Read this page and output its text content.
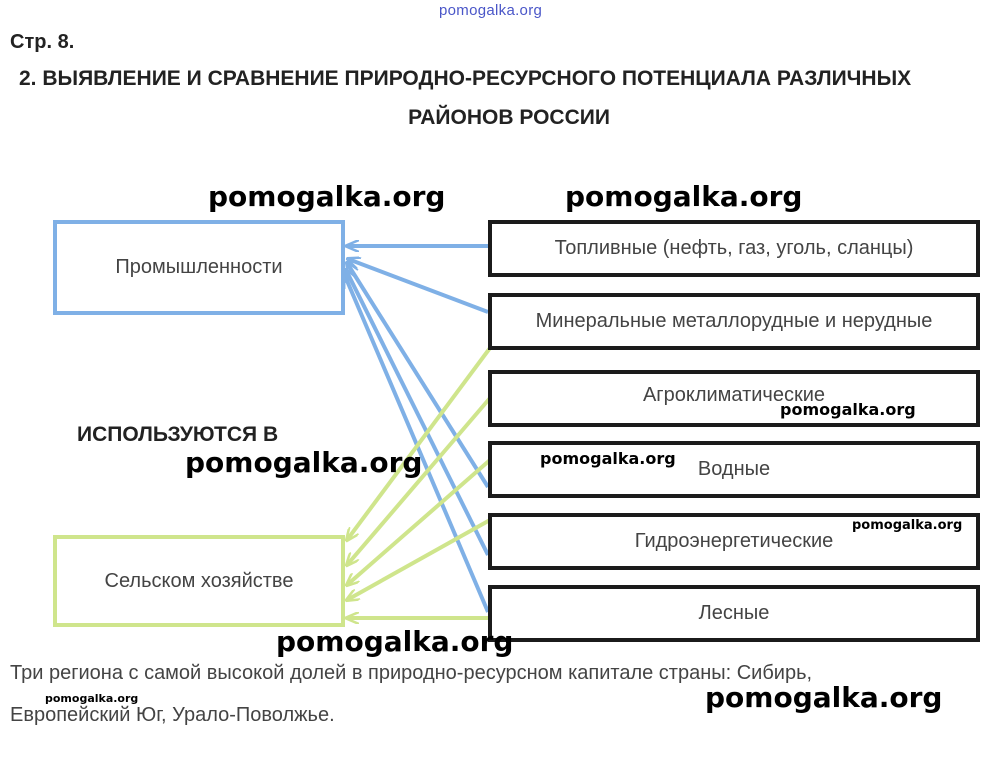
pomogalka.org
Стр. 8.
2. ВЫЯВЛЕНИЕ И СРАВНЕНИЕ ПРИРОДНО-РЕСУРСНОГО ПОТЕНЦИАЛА РАЗЛИЧНЫХ
РАЙОНОВ РОССИИ
Промышленности
Сельском хозяйстве
Топливные (нефть, газ, уголь, сланцы)
Минеральные металлорудные и нерудные
Агроклиматические
Водные
Гидроэнергетические
Лесные
ИСПОЛЬЗУЮТСЯ В
pomogalka.org	pomogalka.org
pomogalka.org
pomogalka.org	pomogalka.org
pomogalka.org
pomogalka.org
pomogalka.org	pomogalka.org
Три региона с самой высокой долей в природно-ресурсном капитале страны: Сибирь,
Европейский Юг, Урало-Поволжье.
